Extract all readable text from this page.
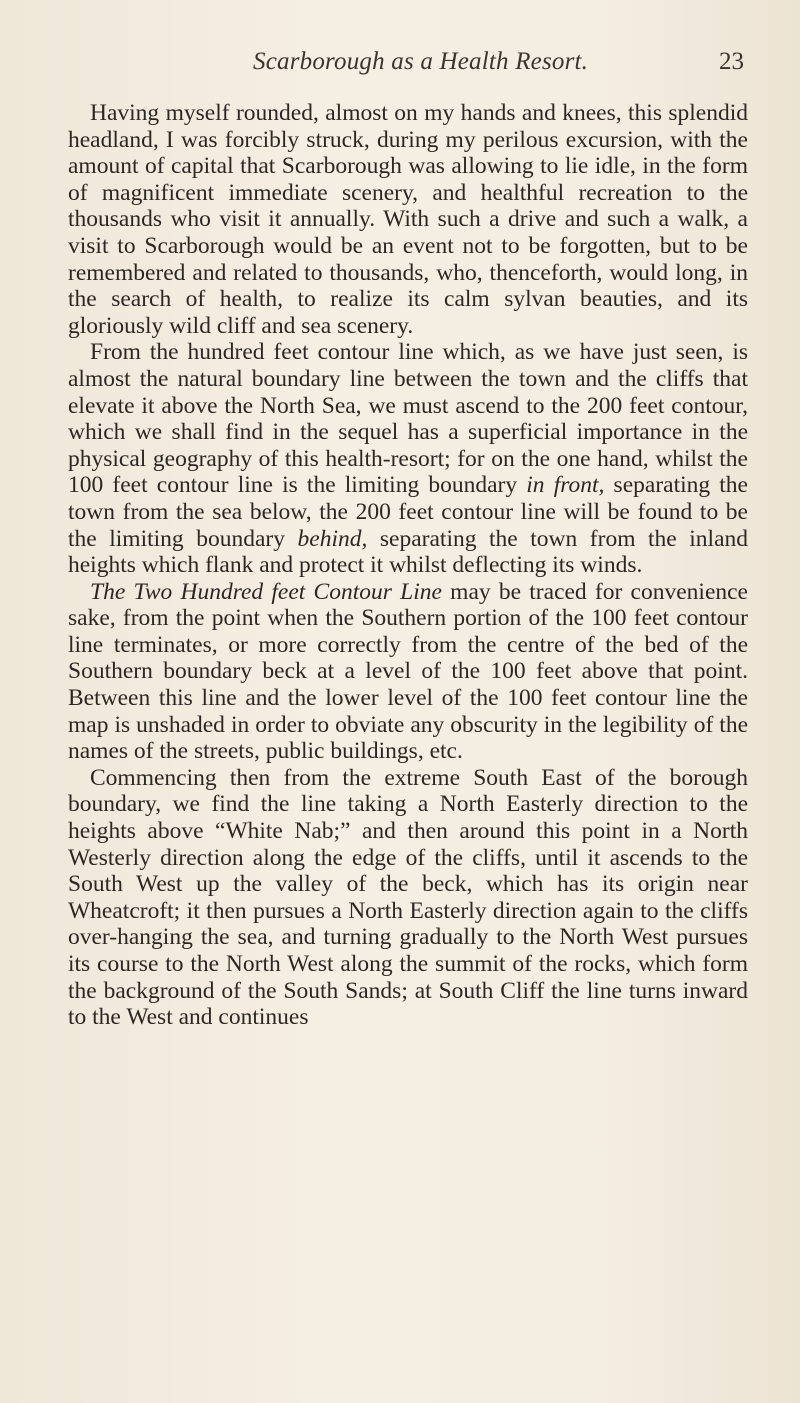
Scarborough as a Health Resort.	23

Having myself rounded, almost on my hands and knees, this splendid headland, I was forcibly struck, during my perilous excursion, with the amount of capital that Scarborough was allowing to lie idle, in the form of magnificent immediate scenery, and healthful recreation to the thousands who visit it annually. With such a drive and such a walk, a visit to Scarborough would be an event not to be forgotten, but to be remembered and related to thousands, who, thenceforth, would long, in the search of health, to realize its calm sylvan beauties, and its gloriously wild cliff and sea scenery.

From the hundred feet contour line which, as we have just seen, is almost the natural boundary line between the town and the cliffs that elevate it above the North Sea, we must ascend to the 200 feet contour, which we shall find in the sequel has a superficial importance in the physical geography of this health-resort; for on the one hand, whilst the 100 feet contour line is the limiting boundary in front, separating the town from the sea below, the 200 feet contour line will be found to be the limiting boundary behind, separating the town from the inland heights which flank and protect it whilst deflecting its winds.

The Two Hundred feet Contour Line may be traced for convenience sake, from the point when the Southern portion of the 100 feet contour line terminates, or more correctly from the centre of the bed of the Southern boundary beck at a level of the 100 feet above that point. Between this line and the lower level of the 100 feet contour line the map is unshaded in order to obviate any obscurity in the legibility of the names of the streets, public buildings, etc.

Commencing then from the extreme South East of the borough boundary, we find the line taking a North Easterly direction to the heights above “White Nab;” and then around this point in a North Westerly direction along the edge of the cliffs, until it ascends to the South West up the valley of the beck, which has its origin near Wheatcroft; it then pursues a North Easterly direction again to the cliffs over-hanging the sea, and turning gradually to the North West pursues its course to the North West along the summit of the rocks, which form the background of the South Sands; at South Cliff the line turns inward to the West and continues
